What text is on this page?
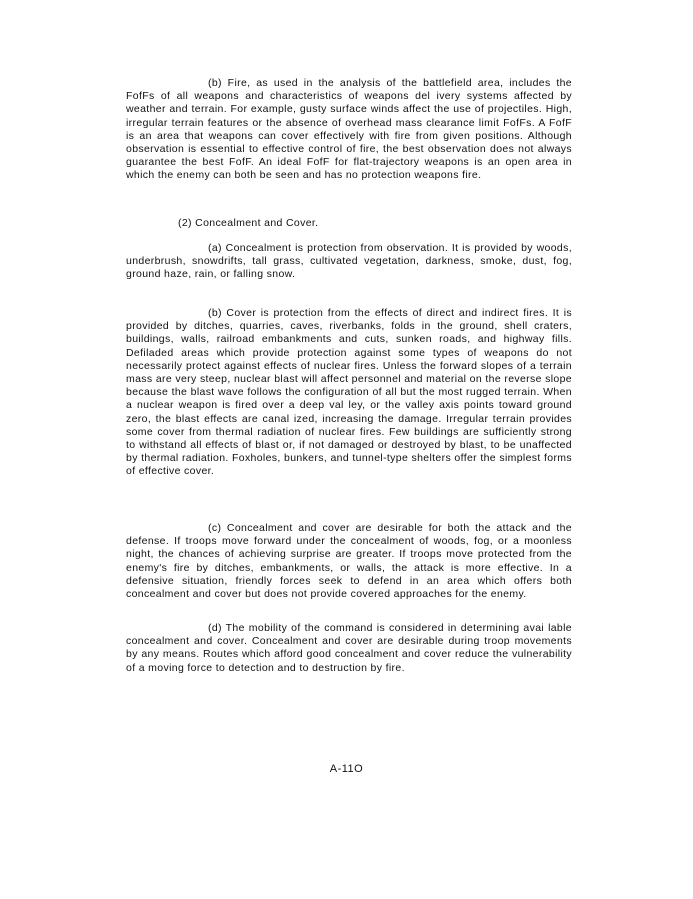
(b) Fire, as used in the analysis of the battlefield area, includes the FofFs of all weapons and characteristics of weapons del ivery systems affected by weather and terrain. For example, gusty surface winds affect the use of projectiles. High, irregular terrain features or the absence of overhead mass clearance limit FofFs. A FofF is an area that weapons can cover effectively with fire from given positions. Although observation is essential to effective control of fire, the best observation does not always guarantee the best FofF. An ideal FofF for flat-trajectory weapons is an open area in which the enemy can both be seen and has no protection weapons fire.

(2) Concealment and Cover.

(a) Concealment is protection from observation. It is provided by woods, underbrush, snowdrifts, tall grass, cultivated vegetation, darkness, smoke, dust, fog, ground haze, rain, or falling snow.

(b) Cover is protection from the effects of direct and indirect fires. It is provided by ditches, quarries, caves, riverbanks, folds in the ground, shell craters, buildings, walls, railroad embankments and cuts, sunken roads, and highway fills. Defiladed areas which provide protection against some types of weapons do not necessarily protect against effects of nuclear fires. Unless the forward slopes of a terrain mass are very steep, nuclear blast will affect personnel and material on the reverse slope because the blast wave follows the configuration of all but the most rugged terrain. When a nuclear weapon is fired over a deep val ley, or the valley axis points toward ground zero, the blast effects are canal ized, increasing the damage. Irregular terrain provides some cover from thermal radiation of nuclear fires. Few buildings are sufficiently strong to withstand all effects of blast or, if not damaged or destroyed by blast, to be unaffected by thermal radiation. Foxholes, bunkers, and tunnel-type shelters offer the simplest forms of effective cover.

(c) Concealment and cover are desirable for both the attack and the defense. If troops move forward under the concealment of woods, fog, or a moonless night, the chances of achieving surprise are greater. If troops move protected from the enemy's fire by ditches, embankments, or walls, the attack is more effective. In a defensive situation, friendly forces seek to defend in an area which offers both concealment and cover but does not provide covered approaches for the enemy.

(d) The mobility of the command is considered in determining avai lable concealment and cover. Concealment and cover are desirable during troop movements by any means. Routes which afford good concealment and cover reduce the vulnerability of a moving force to detection and to destruction by fire.

A-11O
